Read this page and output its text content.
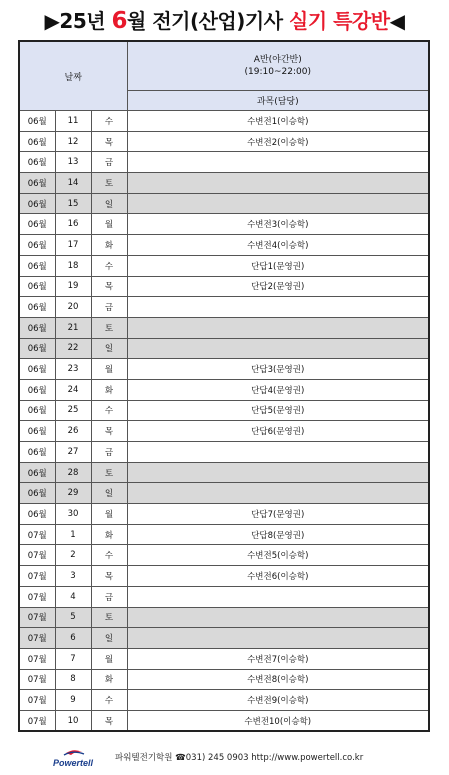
▶25년 6월 전기(산업)기사 실기 특강반◀
날짜			A반(야간반)
(19:10~22:00)

			과목(담당)
06월	11	수	수변전1(이승학)
06월	12	목	수변전2(이승학)
06월	13	금	
06월	14	토	
06월	15	일	
06월	16	월	수변전3(이승학)
06월	17	화	수변전4(이승학)
06월	18	수	단답1(문영권)
06월	19	목	단답2(문영권)
06월	20	금	
06월	21	토	
06월	22	일	
06월	23	월	단답3(문영권)
06월	24	화	단답4(문영권)
06월	25	수	단답5(문영권)
06월	26	목	단답6(문영권)
06월	27	금	
06월	28	토	
06월	29	일	
06월	30	월	단답7(문영권)
07월	1	화	단답8(문영권)
07월	2	수	수변전5(이승학)
07월	3	목	수변전6(이승학)
07월	4	금	
07월	5	토	
07월	6	일	
07월	7	월	수변전7(이승학)
07월	8	화	수변전8(이승학)
07월	9	수	수변전9(이승학)
07월	10	목	수변전10(이승학)
Powertell	파워텔전기학원 ☎031) 245 0903 http://www.powertell.co.kr
